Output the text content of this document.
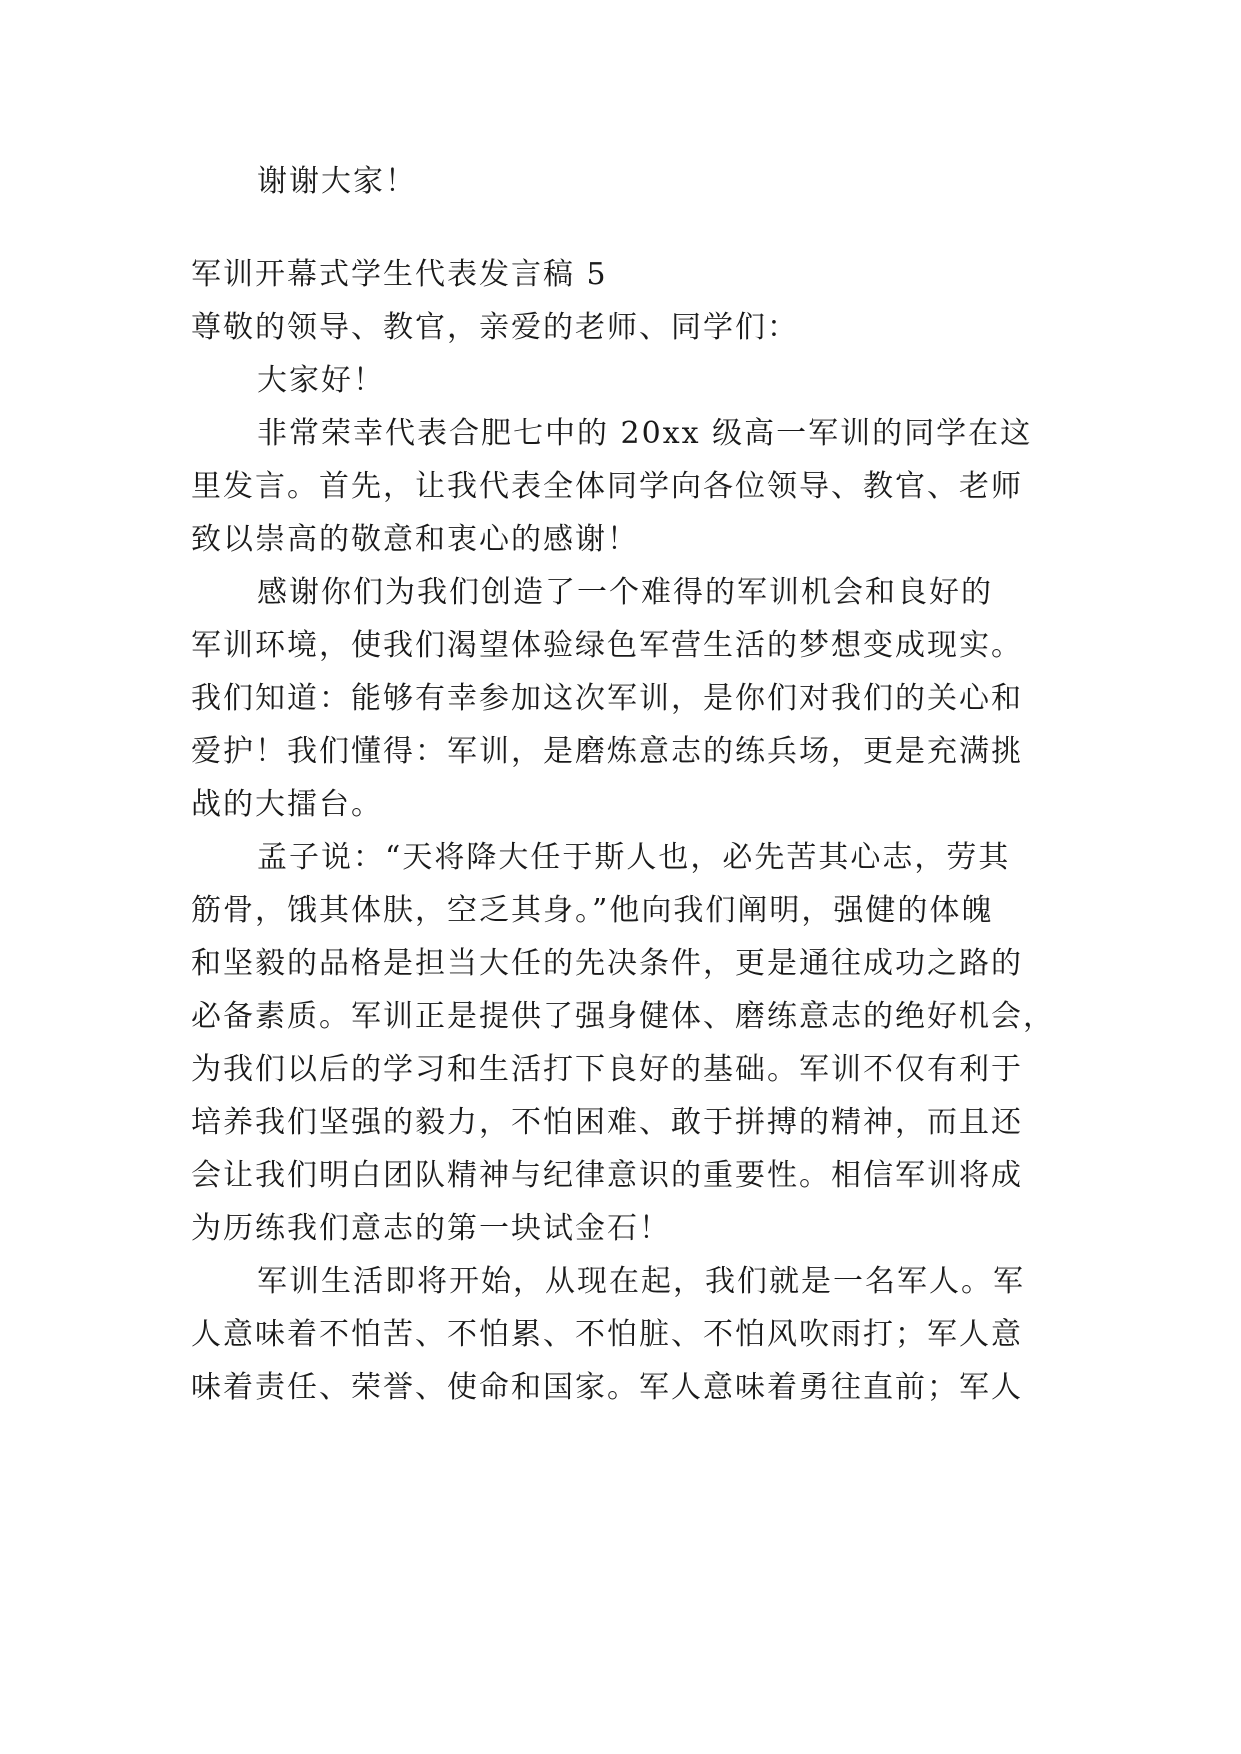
谢谢大家！
军训开幕式学生代表发言稿 5
尊敬的领导、教官，亲爱的老师、同学们：
大家好！
非常荣幸代表合肥七中的 20xx 级高一军训的同学在这
里发言。首先，让我代表全体同学向各位领导、教官、老师
致以崇高的敬意和衷心的感谢！
感谢你们为我们创造了一个难得的军训机会和良好的
军训环境，使我们渴望体验绿色军营生活的梦想变成现实。
我们知道：能够有幸参加这次军训，是你们对我们的关心和
爱护！我们懂得：军训，是磨炼意志的练兵场，更是充满挑
战的大擂台。
孟子说：“天将降大任于斯人也，必先苦其心志，劳其
筋骨，饿其体肤，空乏其身。”他向我们阐明，强健的体魄
和坚毅的品格是担当大任的先决条件，更是通往成功之路的
必备素质。军训正是提供了强身健体、磨练意志的绝好机会，
为我们以后的学习和生活打下良好的基础。军训不仅有利于
培养我们坚强的毅力，不怕困难、敢于拼搏的精神，而且还
会让我们明白团队精神与纪律意识的重要性。相信军训将成
为历练我们意志的第一块试金石！
军训生活即将开始，从现在起，我们就是一名军人。军
人意味着不怕苦、不怕累、不怕脏、不怕风吹雨打；军人意
味着责任、荣誉、使命和国家。军人意味着勇往直前；军人
